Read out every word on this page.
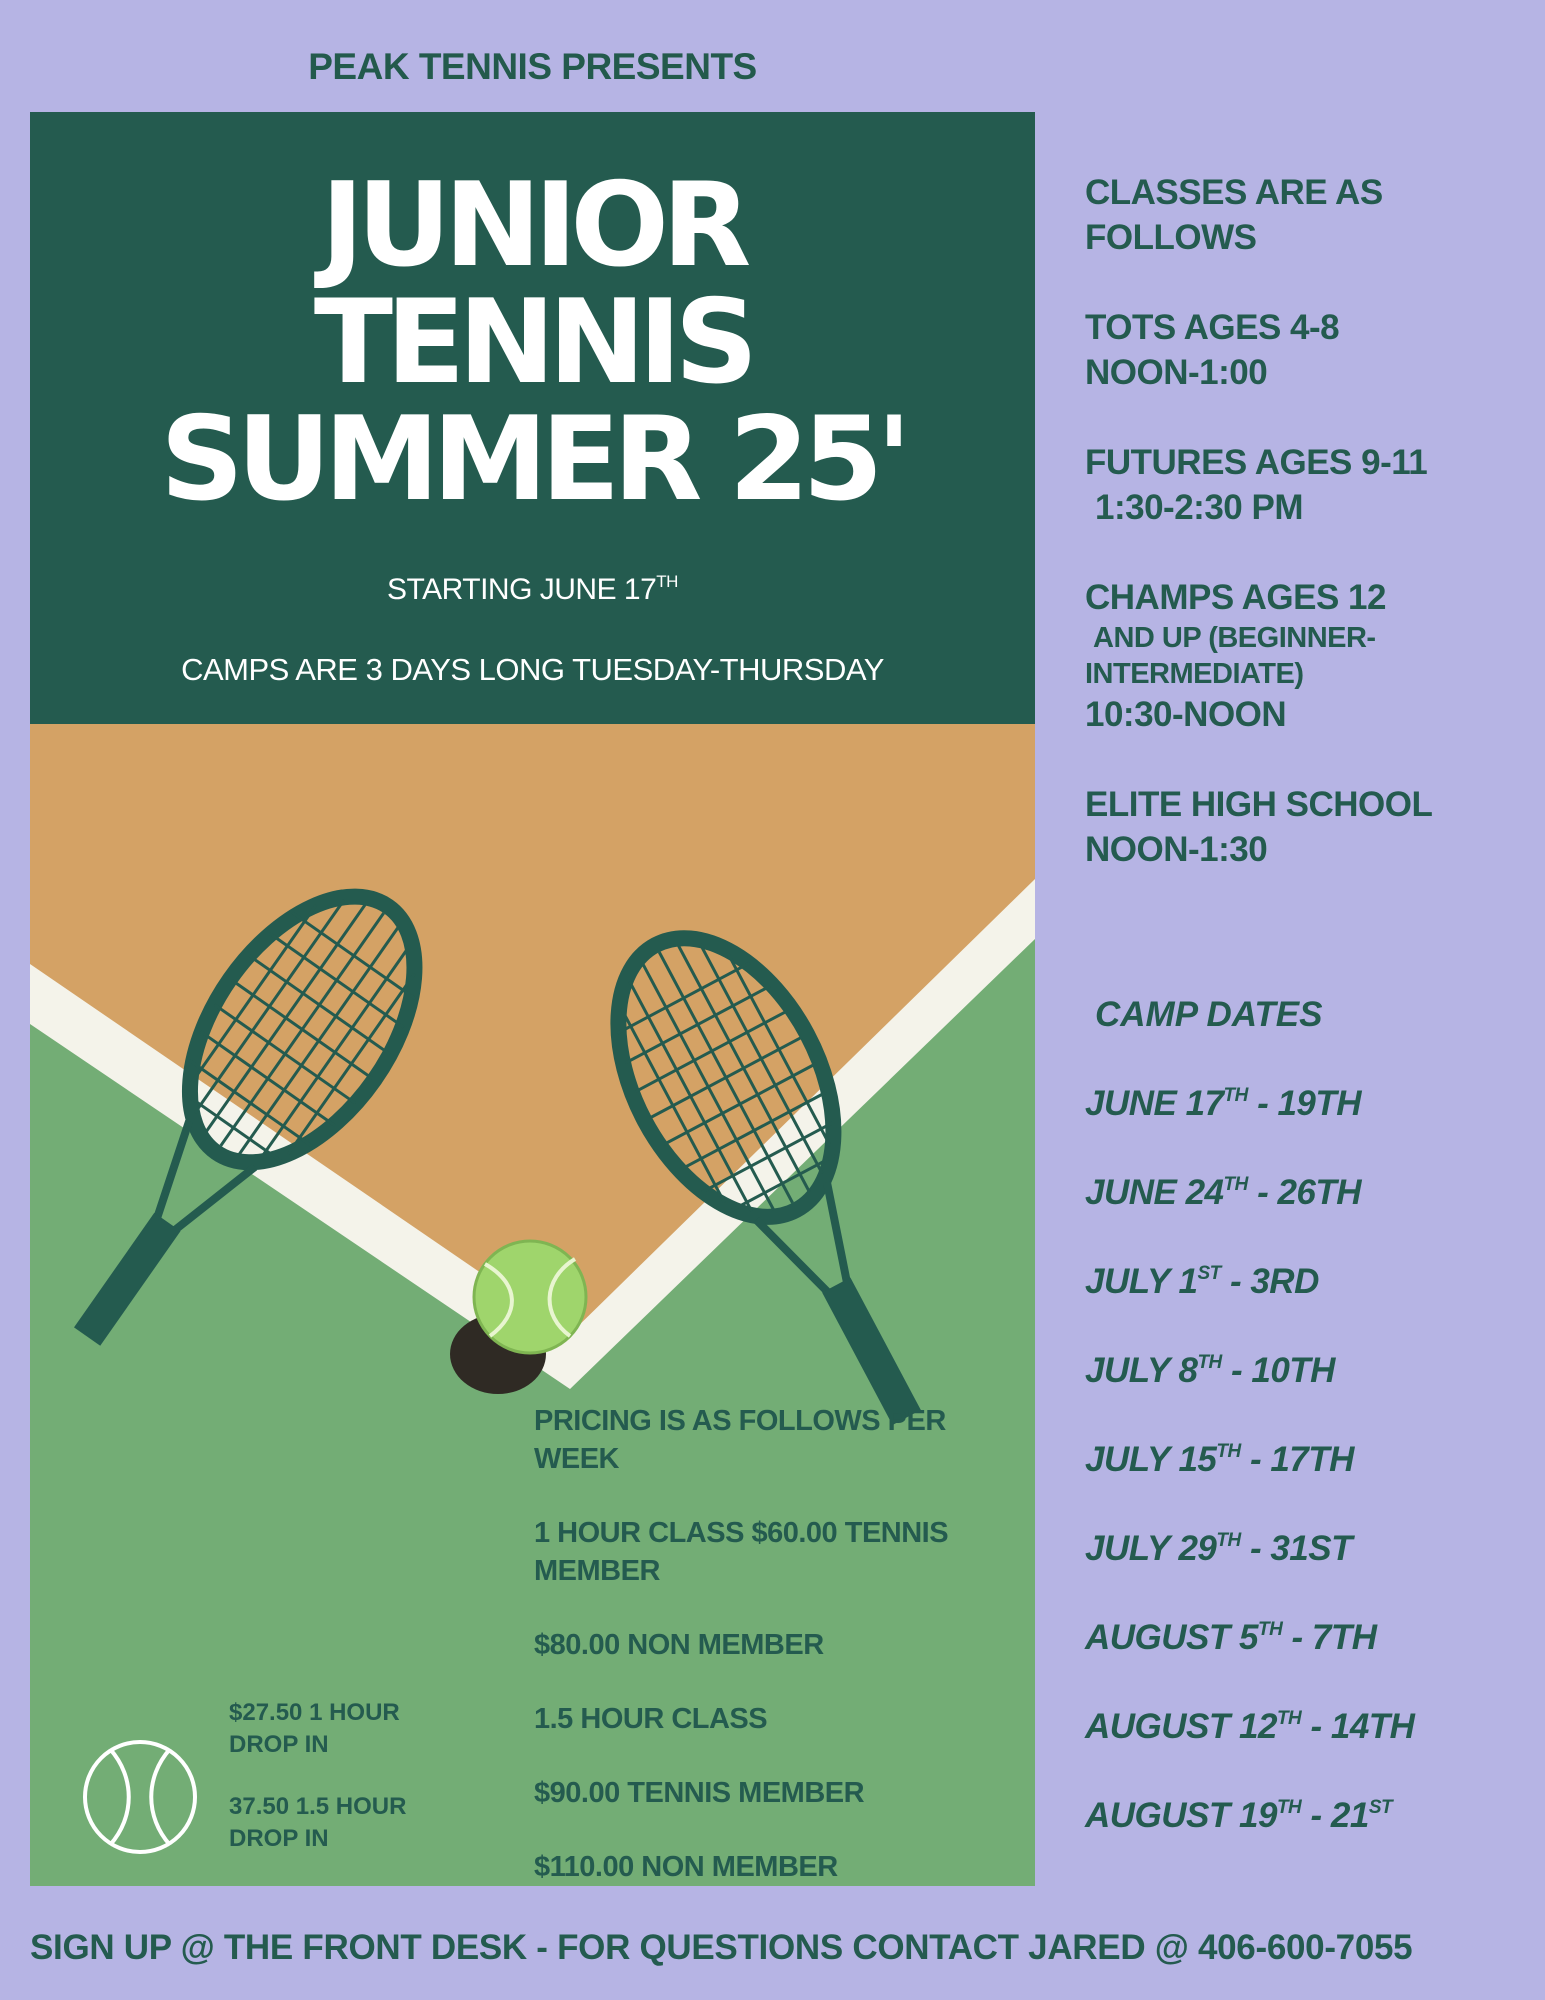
PEAK TENNIS PRESENTS
JUNIOR
TENNIS
SUMMER 25'
STARTING JUNE 17TH
CAMPS ARE 3 DAYS LONG TUESDAY-THURSDAY
PRICING IS AS FOLLOWS PER WEEK
1 HOUR CLASS $60.00 TENNIS MEMBER
$80.00 NON MEMBER
1.5 HOUR CLASS
$90.00 TENNIS MEMBER
$110.00 NON MEMBER
$27.50 1 HOUR DROP IN
37.50 1.5 HOUR DROP IN
CLASSES ARE AS FOLLOWS
TOTS AGES 4-8
NOON-1:00
FUTURES AGES 9-11
1:30-2:30 PM
CHAMPS AGES 12
AND UP (BEGINNER-
INTERMEDIATE)
10:30-NOON
ELITE HIGH SCHOOL
NOON-1:30
CAMP DATES
JUNE 17TH - 19TH
JUNE 24TH - 26TH
JULY 1ST - 3RD
JULY 8TH - 10TH
JULY 15TH - 17TH
JULY 29TH - 31ST
AUGUST 5TH - 7TH
AUGUST 12TH - 14TH
AUGUST 19TH - 21ST
SIGN UP @ THE FRONT DESK - FOR QUESTIONS CONTACT JARED @ 406-600-7055
